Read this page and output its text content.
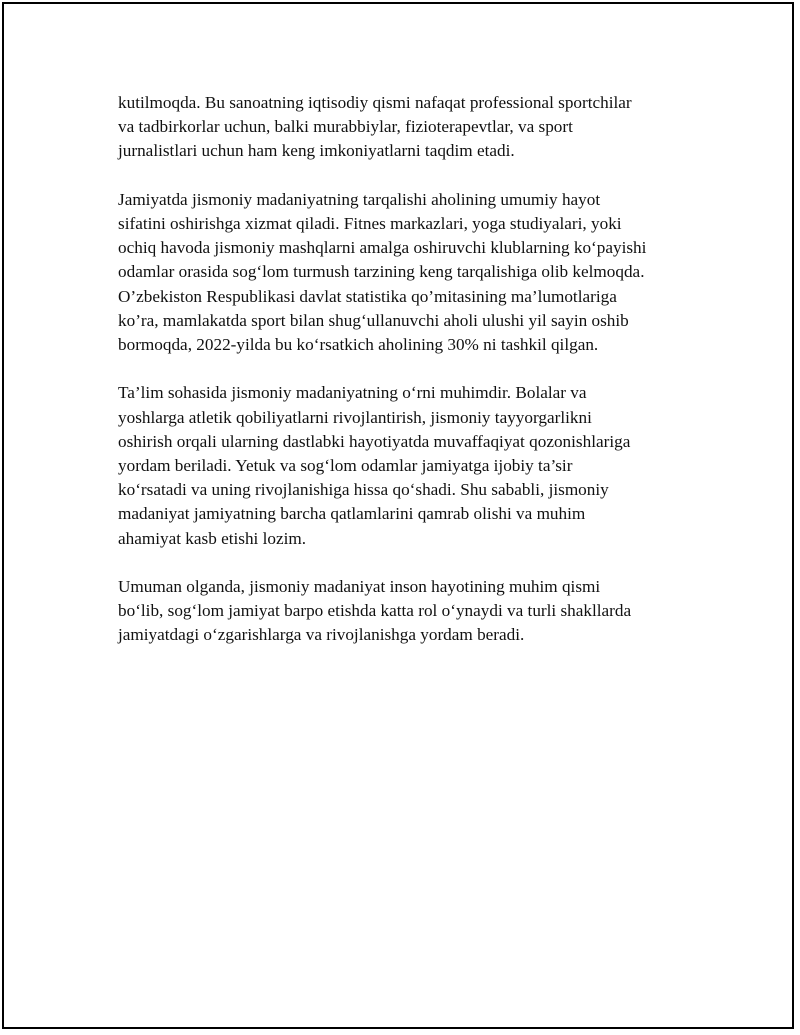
kutilmoqda. Bu sanoatning iqtisodiy qismi nafaqat professional sportchilar
va tadbirkorlar uchun, balki murabbiylar, fizioterapevtlar, va sport
jurnalistlari uchun ham keng imkoniyatlarni taqdim etadi.

Jamiyatda jismoniy madaniyatning tarqalishi aholining umumiy hayot
sifatini oshirishga xizmat qiladi. Fitnes markazlari, yoga studiyalari, yoki
ochiq havoda jismoniy mashqlarni amalga oshiruvchi klublarning ko‘payishi
odamlar orasida sog‘lom turmush tarzining keng tarqalishiga olib kelmoqda.
O’zbekiston Respublikasi davlat statistika qo’mitasining ma’lumotlariga
ko’ra, mamlakatda sport bilan shug‘ullanuvchi aholi ulushi yil sayin oshib
bormoqda, 2022-yilda bu ko‘rsatkich aholining 30% ni tashkil qilgan.

Ta’lim sohasida jismoniy madaniyatning o‘rni muhimdir. Bolalar va
yoshlarga atletik qobiliyatlarni rivojlantirish, jismoniy tayyorgarlikni
oshirish orqali ularning dastlabki hayotiyatda muvaffaqiyat qozonishlariga
yordam beriladi. Yetuk va sog‘lom odamlar jamiyatga ijobiy ta’sir
ko‘rsatadi va uning rivojlanishiga hissa qo‘shadi. Shu sababli, jismoniy
madaniyat jamiyatning barcha qatlamlarini qamrab olishi va muhim
ahamiyat kasb etishi lozim.

Umuman olganda, jismoniy madaniyat inson hayotining muhim qismi
bo‘lib, sog‘lom jamiyat barpo etishda katta rol o‘ynaydi va turli shakllarda
jamiyatdagi o‘zgarishlarga va rivojlanishga yordam beradi.
